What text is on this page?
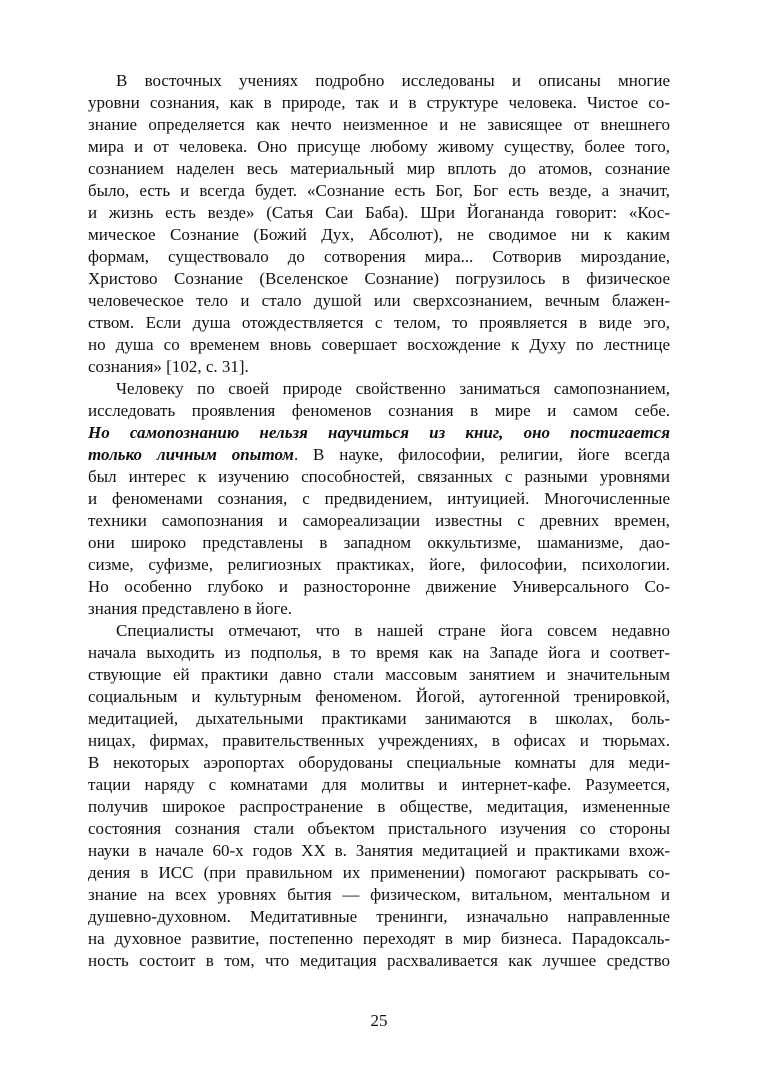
В восточных учениях подробно исследованы и описаны многие
уровни сознания, как в природе, так и в структуре человека. Чистое со-
знание определяется как нечто неизменное и не зависящее от внешнего
мира и от человека. Оно присуще любому живому существу, более того,
сознанием наделен весь материальный мир вплоть до атомов, сознание
было, есть и всегда будет. «Сознание есть Бог, Бог есть везде, а значит,
и жизнь есть везде» (Сатья Саи Баба). Шри Йогананда говорит: «Кос-
мическое Сознание (Божий Дух, Абсолют), не сводимое ни к каким
формам, существовало до сотворения мира... Сотворив мироздание,
Христово Сознание (Вселенское Сознание) погрузилось в физическое
человеческое тело и стало душой или сверхсознанием, вечным блажен-
ством. Если душа отождествляется с телом, то проявляется в виде эго,
но душа со временем вновь совершает восхождение к Духу по лестнице
сознания» [102, с. 31].
Человеку по своей природе свойственно заниматься самопознанием,
исследовать проявления феноменов сознания в мире и самом себе.
Но самопознанию нельзя научиться из книг, оно постигается
только личным опытом. В науке, философии, религии, йоге всегда
был интерес к изучению способностей, связанных с разными уровнями
и феноменами сознания, с предвидением, интуицией. Многочисленные
техники самопознания и самореализации известны с древних времен,
они широко представлены в западном оккультизме, шаманизме, дао-
сизме, суфизме, религиозных практиках, йоге, философии, психологии.
Но особенно глубоко и разносторонне движение Универсального Со-
знания представлено в йоге.
Специалисты отмечают, что в нашей стране йога совсем недавно
начала выходить из подполья, в то время как на Западе йога и соответ-
ствующие ей практики давно стали массовым занятием и значительным
социальным и культурным феноменом. Йогой, аутогенной тренировкой,
медитацией, дыхательными практиками занимаются в школах, боль-
ницах, фирмах, правительственных учреждениях, в офисах и тюрьмах.
В некоторых аэропортах оборудованы специальные комнаты для меди-
тации наряду с комнатами для молитвы и интернет-кафе. Разумеется,
получив широкое распространение в обществе, медитация, измененные
состояния сознания стали объектом пристального изучения со стороны
науки в начале 60-х годов XX в. Занятия медитацией и практиками вхож-
дения в ИСС (при правильном их применении) помогают раскрывать со-
знание на всех уровнях бытия — физическом, витальном, ментальном и
душевно-духовном. Медитативные тренинги, изначально направленные
на духовное развитие, постепенно переходят в мир бизнеса. Парадоксаль-
ность состоит в том, что медитация расхваливается как лучшее средство
25
